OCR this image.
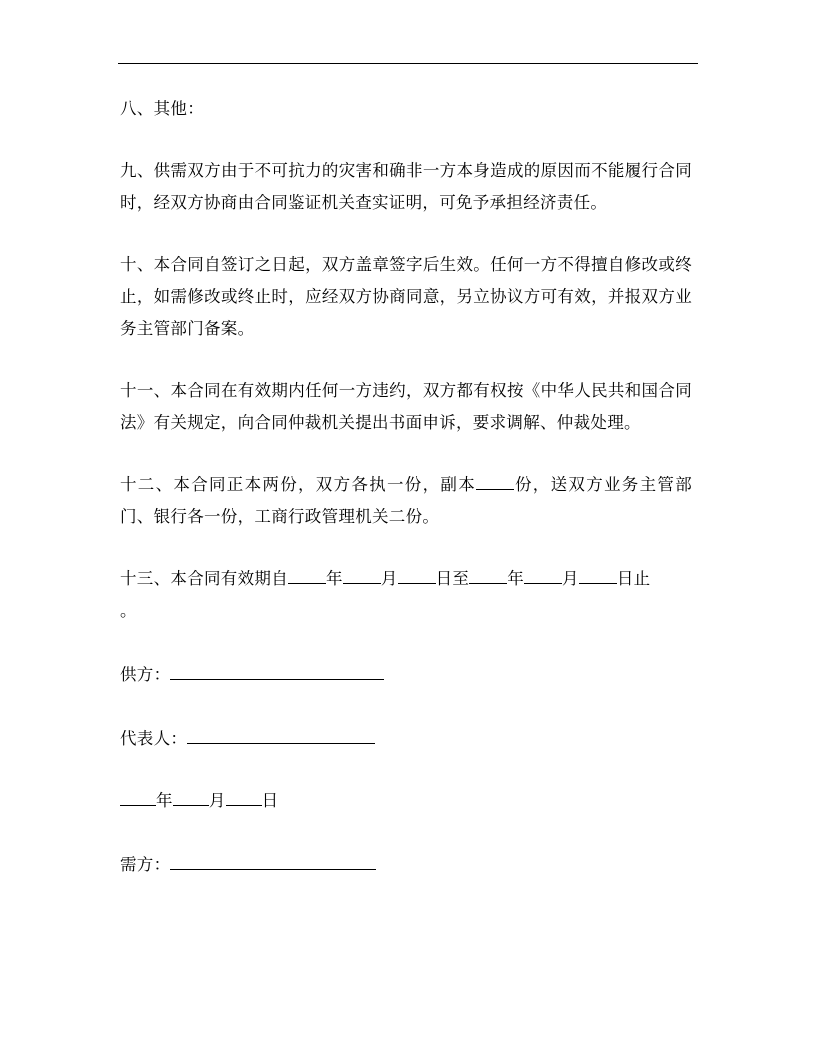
八、其他：

九、供需双方由于不可抗力的灾害和确非一方本身造成的原因而不能履行合同时，经双方协商由合同鉴证机关查实证明，可免予承担经济责任。

十、本合同自签订之日起，双方盖章签字后生效。任何一方不得擅自修改或终止，如需修改或终止时，应经双方协商同意，另立协议方可有效，并报双方业务主管部门备案。

十一、本合同在有效期内任何一方违约，双方都有权按《中华人民共和国合同法》有关规定，向合同仲裁机关提出书面申诉，要求调解、仲裁处理。

十二、本合同正本两份，双方各执一份，副本 份，送双方业务主管部门、银行各一份，工商行政管理机关二份。

十三、本合同有效期自 年 月 日至 年 月 日止
。

供方：

代表人：

年 月 日

需方：
